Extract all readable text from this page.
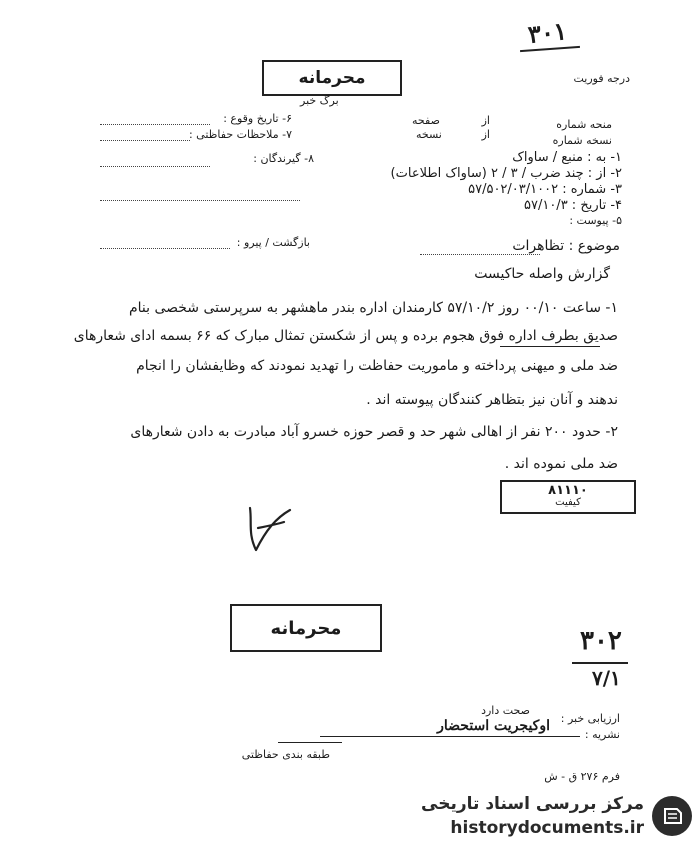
۳۰۱
درجه فوریت
محرمانه
برگ خبر
منحه شماره
از
صفحه
نسخه شماره
از
نسخه
۱- به : منبع / ساواک
۲- از : چند ضرب / ۳ / ۲ (ساواک اطلاعات)
۳- شماره : ۵۷/۵۰۲/۰۳/۱۰۰۲
۴- تاریخ : ۵۷/۱۰/۳
۵- پیوست :
۶- تاریخ وقوع :
۷- ملاحظات حفاظتی :
۸- گیرندگان :
بازگشت / پیرو :	موضوع : تظاهرات
گزارش واصله حاکیست
۱- ساعت ۰۰/۱۰ روز ۵۷/۱۰/۲ کارمندان اداره بندر ماهشهر به سرپرستی شخصی بنام
صدیق بطرف اداره فوق هجوم برده و پس از شکستن تمثال مبارک که ۶۶ بسمه ادای شعارهای
ضد ملی و میهنی پرداخته و ماموریت حفاظت را تهدید نمودند که وظایفشان را انجام
ندهند و آنان نیز بتظاهر کنندگان پیوسته اند .
۲- حدود ۲۰۰ نفر از اهالی شهر حد و قصر حوزه خسرو آباد مبادرت به دادن شعارهای
ضد ملی نموده اند .
۸۱۱۱۰
کیفیت
محرمانه	۳۰۲
۷/۱
صحت دارد
ارزیابی خبر :
نشریه :
اوکیجریت استحضار
طبقه بندی حفاظتی
فرم ۲۷۶ ق - ش
مرکز بررسی اسناد تاریخی
historydocuments.ir
